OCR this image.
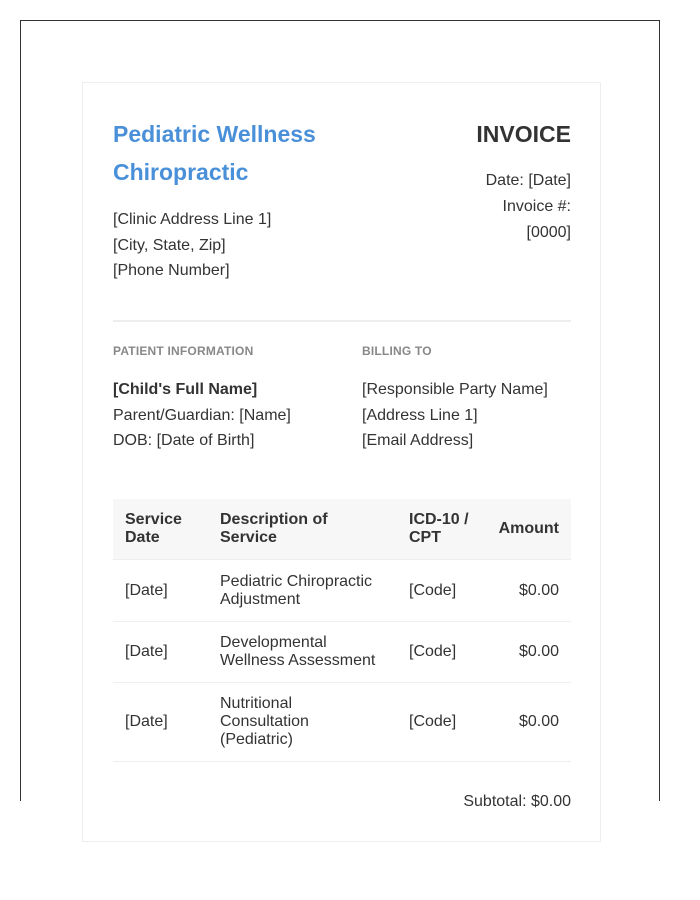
Pediatric Wellness Chiropractic
[Clinic Address Line 1]
[City, State, Zip]
[Phone Number]
INVOICE
Date: [Date]
Invoice #:
[0000]
PATIENT INFORMATION
[Child's Full Name]
Parent/Guardian: [Name]
DOB: [Date of Birth]
BILLING TO
[Responsible Party Name]
[Address Line 1]
[Email Address]
Service Date	Description of Service	ICD-10 / CPT	Amount
[Date]	Pediatric Chiropractic Adjustment	[Code]	$0.00
[Date]	Developmental Wellness Assessment	[Code]	$0.00
[Date]	Nutritional Consultation (Pediatric)	[Code]	$0.00
Subtotal: $0.00
